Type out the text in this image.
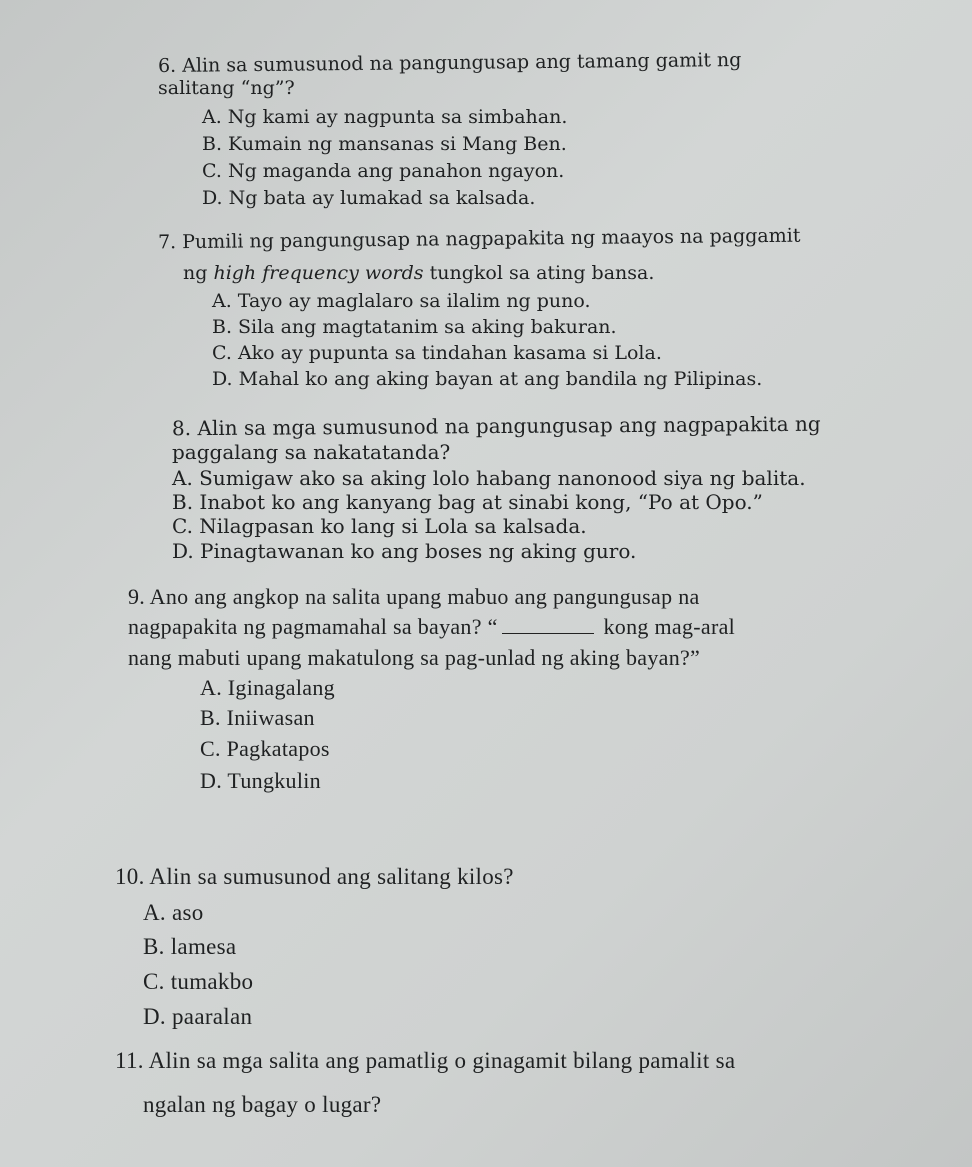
6. Alin sa sumusunod na pangungusap ang tamang gamit ng
salitang “ng”?
A. Ng kami ay nagpunta sa simbahan.
B. Kumain ng mansanas si Mang Ben.
C. Ng maganda ang panahon ngayon.
D. Ng bata ay lumakad sa kalsada.
7. Pumili ng pangungusap na nagpapakita ng maayos na paggamit
ng high frequency words tungkol sa ating bansa.
A. Tayo ay maglalaro sa ilalim ng puno.
B. Sila ang magtatanim sa aking bakuran.
C. Ako ay pupunta sa tindahan kasama si Lola.
D. Mahal ko ang aking bayan at ang bandila ng Pilipinas.
8. Alin sa mga sumusunod na pangungusap ang nagpapakita ng
paggalang sa nakatatanda?
A. Sumigaw ako sa aking lolo habang nanonood siya ng balita.
B. Inabot ko ang kanyang bag at sinabi kong, “Po at Opo.”
C. Nilagpasan ko lang si Lola sa kalsada.
D. Pinagtawanan ko ang boses ng aking guro.
9. Ano ang angkop na salita upang mabuo ang pangungusap na
nagpapakita ng pagmamahal sa bayan? “	kong mag-aral
nang mabuti upang makatulong sa pag-unlad ng aking bayan?”
A. Iginagalang
B. Iniiwasan
C. Pagkatapos
D. Tungkulin
10. Alin sa sumusunod ang salitang kilos?
A. aso
B. lamesa
C. tumakbo
D. paaralan
11. Alin sa mga salita ang pamatlig o ginagamit bilang pamalit sa
ngalan ng bagay o lugar?
